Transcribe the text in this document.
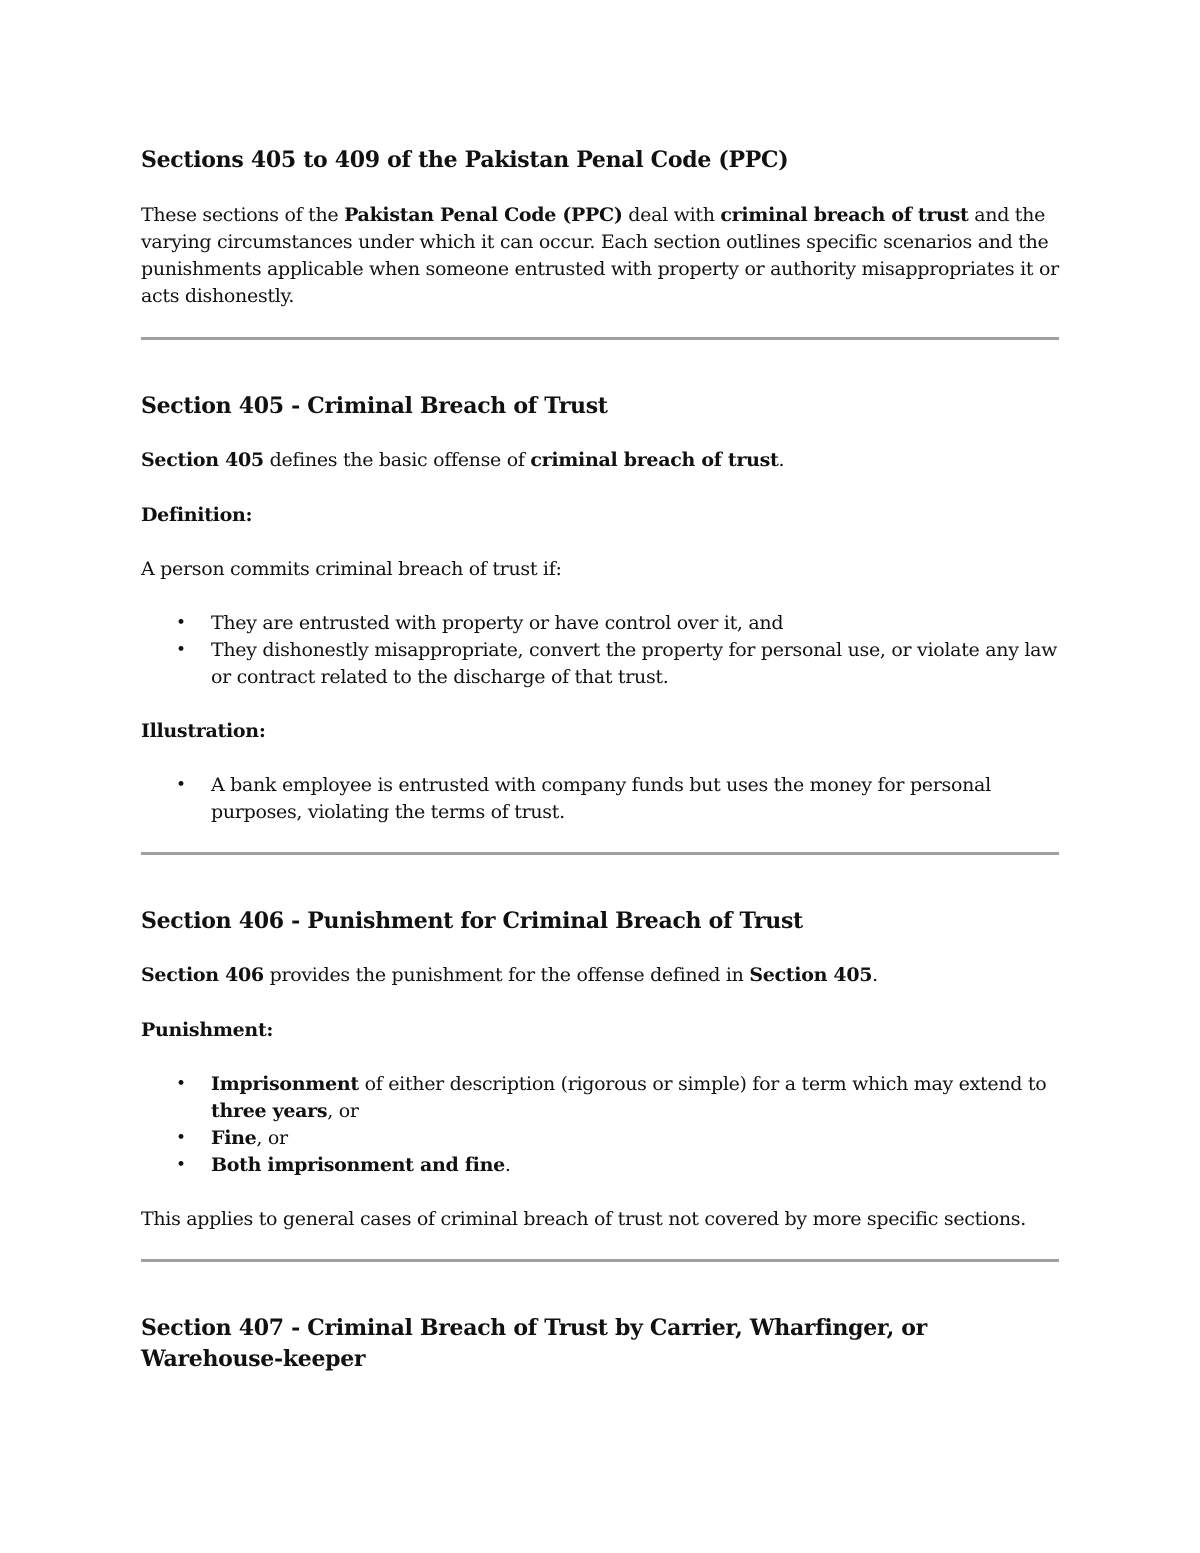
Sections 405 to 409 of the Pakistan Penal Code (PPC)

These sections of the Pakistan Penal Code (PPC) deal with criminal breach of trust and the varying circumstances under which it can occur. Each section outlines specific scenarios and the punishments applicable when someone entrusted with property or authority misappropriates it or acts dishonestly.

Section 405 - Criminal Breach of Trust

Section 405 defines the basic offense of criminal breach of trust.

Definition:

A person commits criminal breach of trust if:

• They are entrusted with property or have control over it, and
• They dishonestly misappropriate, convert the property for personal use, or violate any law or contract related to the discharge of that trust.

Illustration:

• A bank employee is entrusted with company funds but uses the money for personal purposes, violating the terms of trust.
Section 406 - Punishment for Criminal Breach of Trust

Section 406 provides the punishment for the offense defined in Section 405.

Punishment:

• Imprisonment of either description (rigorous or simple) for a term which may extend to three years, or
• Fine, or
• Both imprisonment and fine.

This applies to general cases of criminal breach of trust not covered by more specific sections.

Section 407 - Criminal Breach of Trust by Carrier, Wharfinger, or Warehouse-keeper
